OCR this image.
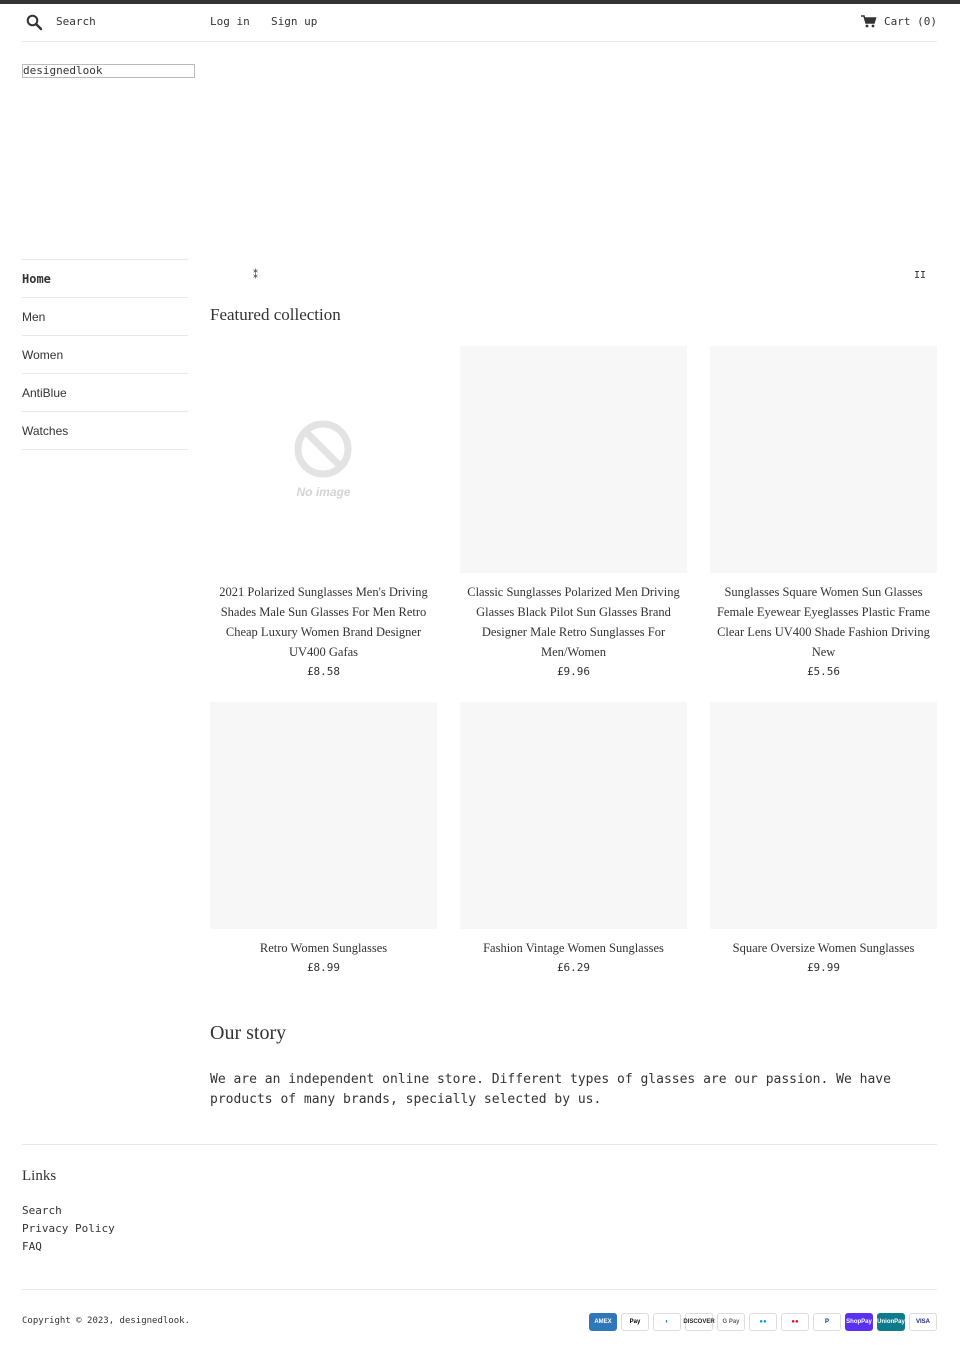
Search
Log in Sign up	Cart (0)
designedlook
Home
Men
Women
AntiBlue
Watches
⁑	II
Featured collection
No image
2021 Polarized Sunglasses Men's Driving Shades Male Sun Glasses For Men Retro Cheap Luxury Women Brand Designer UV400 Gafas
£8.58
Classic Sunglasses Polarized Men Driving Glasses Black Pilot Sun Glasses Brand Designer Male Retro Sunglasses For Men/Women
£9.96
Sunglasses Square Women Sun Glasses Female Eyewear Eyeglasses Plastic Frame Clear Lens UV400 Shade Fashion Driving New
£5.56
Retro Women Sunglasses
£8.99
Fashion Vintage Women Sunglasses
£6.29
Square Oversize Women Sunglasses
£9.99
Our story

We are an independent online store. Different types of glasses are our passion. We have products of many brands, specially selected by us.

Links
Search
Privacy Policy
FAQ
Copyright © 2023, designedlook.	AMEX	Pay	◐	DISCOVER	G Pay	●●	●●	P	ShopPay UnionPay	VISA
